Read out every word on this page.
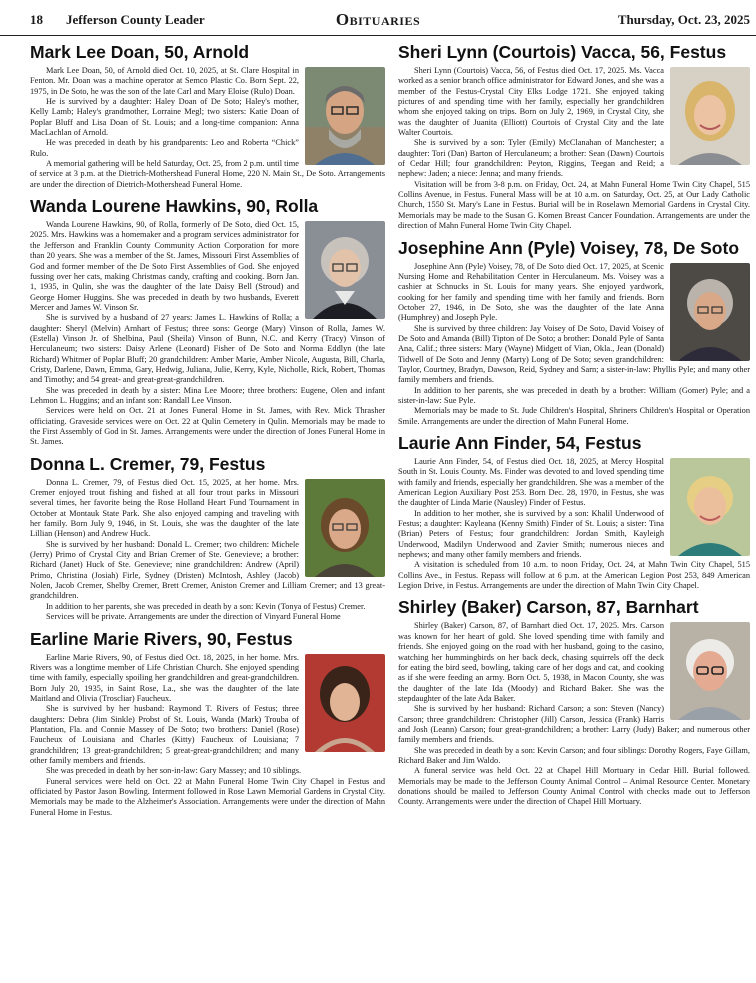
18 Jefferson County Leader	Obituaries	Thursday, Oct. 23, 2025
Mark Lee Doan, 50, Arnold

Mark Lee Doan, 50, of Arnold died Oct. 10, 2025, at St. Clare Hospital in Fenton. Mr. Doan was a machine operator at Semco Plastic Co. Born Sept. 22, 1975, in De Soto, he was the son of the late Carl and Mary Eloise (Rulo) Doan.

He is survived by a daughter: Haley Doan of De Soto; Haley's mother, Kelly Lamb; Haley's grandmother, Lorraine Megl; two sisters: Katie Doan of Poplar Bluff and Lisa Doan of St. Louis; and a long-time companion: Anna MacLachlan of Arnold.

He was preceded in death by his grandparents: Leo and Roberta “Chick” Rulo.

A memorial gathering will be held Saturday, Oct. 25, from 2 p.m. until time of service at 3 p.m. at the Dietrich-Mothershead Funeral Home, 220 N. Main St., De Soto. Arrangements are under the direction of Dietrich-Mothershead Funeral Home.

Wanda Lourene Hawkins, 90, Rolla

Wanda Lourene Hawkins, 90, of Rolla, formerly of De Soto, died Oct. 15, 2025. Mrs. Hawkins was a homemaker and a program services administrator for the Jefferson and Franklin County Community Action Corporation for more than 20 years. She was a member of the St. James, Missouri First Assemblies of God and former member of the De Soto First Assemblies of God. She enjoyed fussing over her cats, making Christmas candy, crafting and cooking. Born Jan. 1, 1935, in Qulin, she was the daughter of the late Daisy Bell (Stroud) and George Homer Huggins. She was preceded in death by two husbands, Everett Mercer and James W. Vinson Sr.

She is survived by a husband of 27 years: James L. Hawkins of Rolla; a daughter: Sheryl (Melvin) Arnhart of Festus; three sons: George (Mary) Vinson of Rolla, James W. (Estella) Vinson Jr. of Shelbina, Paul (Sheila) Vinson of Bunn, N.C. and Kerry (Tracy) Vinson of Herculaneum; two sisters: Daisy Arlene (Leonard) Fisher of De Soto and Norma Eddlyn (the late Richard) Whitmer of Poplar Bluff; 20 grandchildren: Amber Marie, Amber Nicole, Augusta, Bill, Charla, Cristy, Darlene, Dawn, Emma, Gary, Hedwig, Juliana, Julie, Kerry, Kyle, Nicholle, Rick, Robert, Thomas and Timothy; and 54 great- and great-great-grandchildren.

She was preceded in death by a sister: Mina Lee Moore; three brothers: Eugene, Olen and infant Lehmon L. Huggins; and an infant son: Randall Lee Vinson.

Services were held on Oct. 21 at Jones Funeral Home in St. James, with Rev. Mick Thrasher officiating. Graveside services were on Oct. 22 at Qulin Cemetery in Qulin. Memorials may be made to the First Assembly of God in St. James. Arrangements were under the direction of Jones Funeral Home in St. James.

Donna L. Cremer, 79, Festus

Donna L. Cremer, 79, of Festus died Oct. 15, 2025, at her home. Mrs. Cremer enjoyed trout fishing and fished at all four trout parks in Missouri several times, her favorite being the Rose Holland Heart Fund Tournament in October at Montauk State Park. She also enjoyed camping and traveling with her family. Born July 9, 1946, in St. Louis, she was the daughter of the late Lillian (Henson) and Andrew Huck.

She is survived by her husband: Donald L. Cremer; two children: Michele (Jerry) Primo of Crystal City and Brian Cremer of Ste. Genevieve; a brother: Richard (Janet) Huck of Ste. Genevieve; nine grandchildren: Andrew (April) Primo, Christina (Josiah) Firle, Sydney (Dristen) McIntosh, Ashley (Jacob) Nolen, Jacob Cremer, Shelby Cremer, Brett Cremer, Aniston Cremer and Lilliam Cremer; and 13 great-grandchildren.

In addition to her parents, she was preceded in death by a son: Kevin (Tonya of Festus) Cremer.

Services will be private. Arrangements are under the direction of Vinyard Funeral Home

Earline Marie Rivers, 90, Festus

Earline Marie Rivers, 90, of Festus died Oct. 18, 2025, in her home. Mrs. Rivers was a longtime member of Life Christian Church. She enjoyed spending time with family, especially spoiling her grandchildren and great-grandchildren. Born July 20, 1935, in Saint Rose, La., she was the daughter of the late Maitland and Olivia (Troscliar) Faucheux.

She is survived by her husband: Raymond T. Rivers of Festus; three daughters: Debra (Jim Sinkle) Probst of St. Louis, Wanda (Mark) Trouba of Plantation, Fla. and Connie Massey of De Soto; two brothers: Daniel (Rose) Faucheux of Louisiana and Charles (Kitty) Faucheux of Louisiana; 7 grandchildren; 13 great-grandchildren; 5 great-great-grandchildren; and many other family members and friends.

She was preceded in death by her son-in-law: Gary Massey; and 10 siblings.

Funeral services were held on Oct. 22 at Mahn Funeral Home Twin City Chapel in Festus and officiated by Pastor Jason Bowling. Interment followed in Rose Lawn Memorial Gardens in Crystal City. Memorials may be made to the Alzheimer's Association. Arrangements were under the direction of Mahn Funeral Home in Festus.

Sheri Lynn (Courtois) Vacca, 56, Festus

Sheri Lynn (Courtois) Vacca, 56, of Festus died Oct. 17, 2025. Ms. Vacca worked as a senior branch office administrator for Edward Jones, and she was a member of the Festus-Crystal City Elks Lodge 1721. She enjoyed taking pictures of and spending time with her family, especially her grandchildren whom she enjoyed taking on trips. Born on July 2, 1969, in Crystal City, she was the daughter of Juanita (Elliott) Courtois of Crystal City and the late Walter Courtois.

She is survived by a son: Tyler (Emily) McClanahan of Manchester; a daughter: Tori (Dan) Barton of Herculaneum; a brother: Sean (Dawn) Courtois of Cedar Hill; four grandchildren: Peyton, Riggins, Teegan and Reid; a nephew: Jaden; a niece: Jenna; and many friends.

Visitation will be from 3-8 p.m. on Friday, Oct. 24, at Mahn Funeral Home Twin City Chapel, 515 Collins Avenue, in Festus. Funeral Mass will be at 10 a.m. on Saturday, Oct. 25, at Our Lady Catholic Church, 1550 St. Mary's Lane in Festus. Burial will be in Roselawn Memorial Gardens in Crystal City. Memorials may be made to the Susan G. Komen Breast Cancer Foundation. Arrangements are under the direction of Mahn Funeral Home Twin City Chapel.

Josephine Ann (Pyle) Voisey, 78, De Soto

Josephine Ann (Pyle) Voisey, 78, of De Soto died Oct. 17, 2025, at Scenic Nursing Home and Rehabilitation Center in Herculaneum. Ms. Voisey was a cashier at Schnucks in St. Louis for many years. She enjoyed yardwork, cooking for her family and spending time with her family and friends. Born October 27, 1946, in De Soto, she was the daughter of the late Anna (Humphrey) and Joseph Pyle.

She is survived by three children: Jay Voisey of De Soto, David Voisey of De Soto and Amanda (Bill) Tipton of De Soto; a brother: Donald Pyle of Santa Ana, Calif.; three sisters: Mary (Wayne) Midgett of Vian, Okla., Jean (Donald) Tidwell of De Soto and Jenny (Marty) Long of De Soto; seven grandchildren: Taylor, Courtney, Bradyn, Dawson, Reid, Sydney and Sarn; a sister-in-law: Phyllis Pyle; and many other family members and friends.

In addition to her parents, she was preceded in death by a brother: William (Gomer) Pyle; and a sister-in-law: Sue Pyle.

Memorials may be made to St. Jude Children's Hospital, Shriners Children's Hospital or Operation Smile. Arrangements are under the direction of Mahn Funeral Home.

Laurie Ann Finder, 54, Festus

Laurie Ann Finder, 54, of Festus died Oct. 18, 2025, at Mercy Hospital South in St. Louis County. Ms. Finder was devoted to and loved spending time with family and friends, especially her grandchildren. She was a member of the American Legion Auxiliary Post 253. Born Dec. 28, 1970, in Festus, she was the daughter of Linda Marie (Nausley) Finder of Festus.

In addition to her mother, she is survived by a son: Khalil Underwood of Festus; a daughter: Kayleana (Kenny Smith) Finder of St. Louis; a sister: Tina (Brian) Peters of Festus; four grandchildren: Jordan Smith, Kayleigh Underwood, Madilyn Underwood and Zavier Smith; numerous nieces and nephews; and many other family members and friends.

A visitation is scheduled from 10 a.m. to noon Friday, Oct. 24, at Mahn Twin City Chapel, 515 Collins Ave., in Festus. Repass will follow at 6 p.m. at the American Legion Post 253, 849 American Legion Drive, in Festus. Arrangements are under the direction of Mahn Twin City Chapel.

Shirley (Baker) Carson, 87, Barnhart

Shirley (Baker) Carson, 87, of Barnhart died Oct. 17, 2025. Mrs. Carson was known for her heart of gold. She loved spending time with family and friends. She enjoyed going on the road with her husband, going to the casino, watching her hummingbirds on her back deck, chasing squirrels off the deck for eating the bird seed, bowling, taking care of her dogs and cat, and cooking as if she were feeding an army. Born Oct. 5, 1938, in Macon County, she was the daughter of the late Ida (Moody) and Richard Baker. She was the stepdaughter of the late Ada Baker.

She is survived by her husband: Richard Carson; a son: Steven (Nancy) Carson; three grandchildren: Christopher (Jill) Carson, Jessica (Frank) Harris and Josh (Leann) Carson; four great-grandchildren; a brother: Larry (Judy) Baker; and numerous other family members and friends.

She was preceded in death by a son: Kevin Carson; and four siblings: Dorothy Rogers, Faye Gillam, Richard Baker and Jim Waldo.

A funeral service was held Oct. 22 at Chapel Hill Mortuary in Cedar Hill. Burial followed. Memorials may be made to the Jefferson County Animal Control – Animal Resource Center. Monetary donations should be mailed to Jefferson County Animal Control with checks made out to Jefferson County. Arrangements were under the direction of Chapel Hill Mortuary.
